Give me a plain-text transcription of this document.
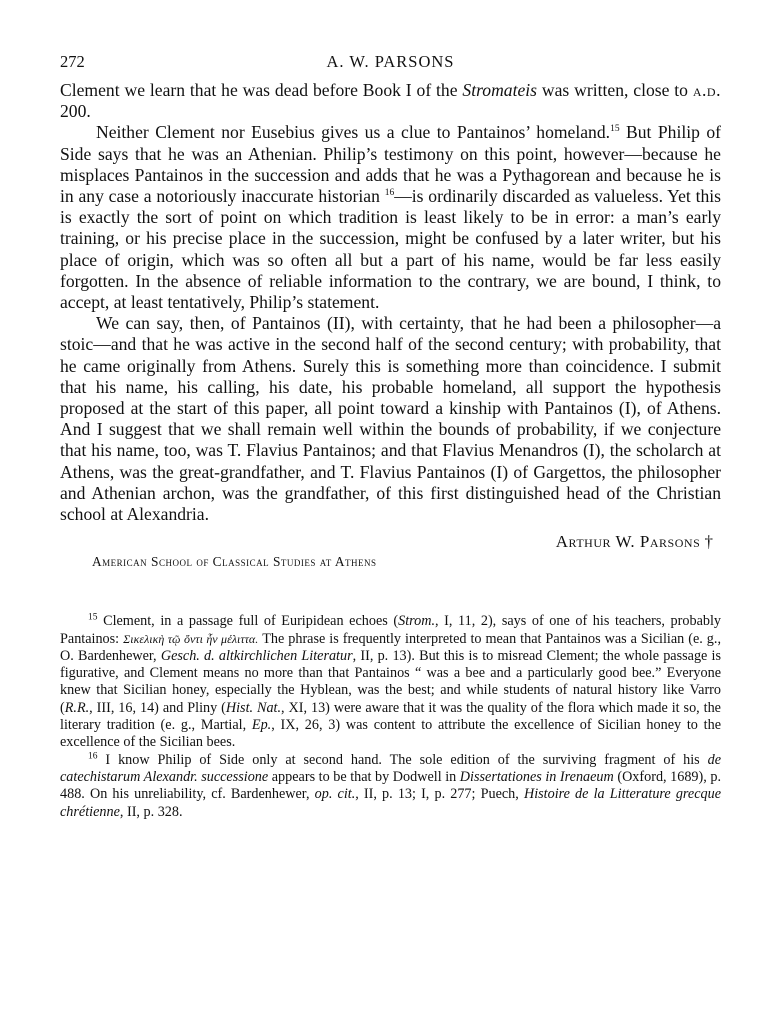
272	A. W. PARSONS

Clement we learn that he was dead before Book I of the Stromateis was written, close to a.d. 200.

Neither Clement nor Eusebius gives us a clue to Pantainos’ homeland.$^{15}$ But Philip of Side says that he was an Athenian. Philip’s testimony on this point, however—because he misplaces Pantainos in the succession and adds that he was a Pythagorean and because he is in any case a notoriously inaccurate historian $^{16}$—is ordinarily discarded as valueless. Yet this is exactly the sort of point on which tradition is least likely to be in error: a man’s early training, or his precise place in the succession, might be confused by a later writer, but his place of origin, which was so often all but a part of his name, would be far less easily forgotten. In the absence of reliable information to the contrary, we are bound, I think, to accept, at least tentatively, Philip’s statement.

We can say, then, of Pantainos (II), with certainty, that he had been a philosopher—a stoic—and that he was active in the second half of the second century; with probability, that he came originally from Athens. Surely this is something more than coincidence. I submit that his name, his calling, his date, his probable homeland, all support the hypothesis proposed at the start of this paper, all point toward a kinship with Pantainos (I), of Athens. And I suggest that we shall remain well within the bounds of probability, if we conjecture that his name, too, was T. Flavius Pantainos; and that Flavius Menandros (I), the scholarch at Athens, was the great-grandfather, and T. Flavius Pantainos (I) of Gargettos, the philosopher and Athenian archon, was the grandfather, of this first distinguished head of the Christian school at Alexandria.

Arthur W. Parsons †
American School of Classical Studies at Athens

$^{15}$ Clement, in a passage full of Euripidean echoes (Strom., I, 11, 2), says of one of his teachers, probably Pantainos: Σικελικὴ τῷ ὄντι ἦν μέλιττα. The phrase is frequently interpreted to mean that Pantainos was a Sicilian (e. g., O. Bardenhewer, Gesch. d. altkirchlichen Literatur, II, p. 13). But this is to misread Clement; the whole passage is figurative, and Clement means no more than that Pantainos “ was a bee and a particularly good bee.” Everyone knew that Sicilian honey, especially the Hyblean, was the best; and while students of natural history like Varro (R.R., III, 16, 14) and Pliny (Hist. Nat., XI, 13) were aware that it was the quality of the flora which made it so, the literary tradition (e. g., Martial, Ep., IX, 26, 3) was content to attribute the excellence of Sicilian honey to the excellence of the Sicilian bees.

$^{16}$ I know Philip of Side only at second hand. The sole edition of the surviving fragment of his de catechistarum Alexandr. successione appears to be that by Dodwell in Dissertationes in Irenaeum (Oxford, 1689), p. 488. On his unreliability, cf. Bardenhewer, op. cit., II, p. 13; I, p. 277; Puech, Histoire de la Litterature grecque chrétienne, II, p. 328.
